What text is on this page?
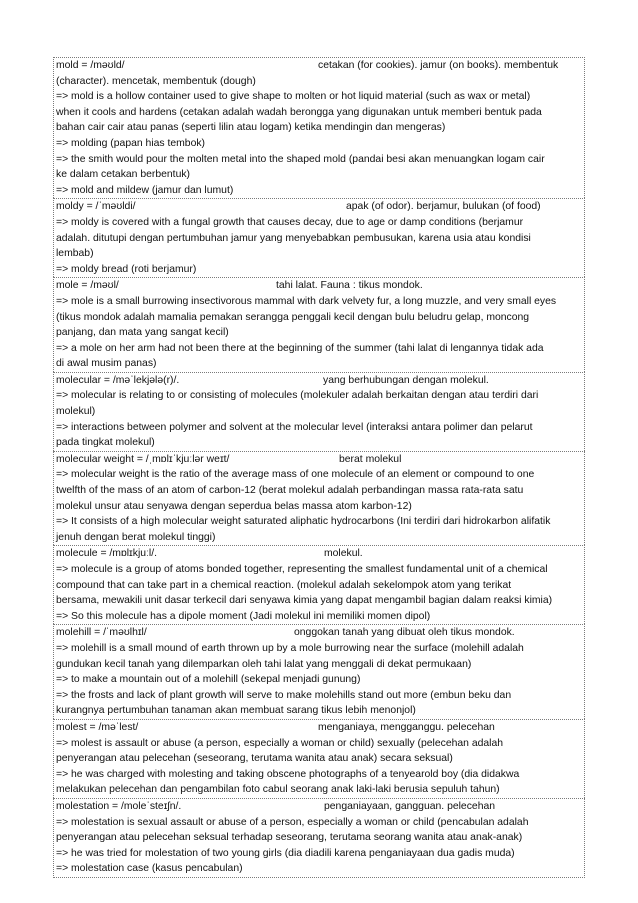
mold = /məʊld/	cetakan (for cookies). jamur (on books). membentuk
(character). mencetak, membentuk (dough)
=> mold is a hollow container used to give shape to molten or hot liquid material (such as wax or metal)
when it cools and hardens (cetakan adalah wadah berongga yang digunakan untuk memberi bentuk pada
bahan cair cair atau panas (seperti lilin atau logam) ketika mendingin dan mengeras)
=> molding (papan hias tembok)
=> the smith would pour the molten metal into the shaped mold (pandai besi akan menuangkan logam cair
ke dalam cetakan berbentuk)
=> mold and mildew (jamur dan lumut)
moldy = /ˈməʊldi/	apak (of odor). berjamur, bulukan (of food)
=> moldy is covered with a fungal growth that causes decay, due to age or damp conditions (berjamur
adalah. ditutupi dengan pertumbuhan jamur yang menyebabkan pembusukan, karena usia atau kondisi
lembab)
=> moldy bread (roti berjamur)
mole = /məʊl/	tahi lalat. Fauna : tikus mondok.
=> mole is a small burrowing insectivorous mammal with dark velvety fur, a long muzzle, and very small eyes
(tikus mondok adalah mamalia pemakan serangga penggali kecil dengan bulu beludru gelap, moncong
panjang, dan mata yang sangat kecil)
=> a mole on her arm had not been there at the beginning of the summer (tahi lalat di lengannya tidak ada
di awal musim panas)
molecular = /məˈlekjələ(r)/.	yang berhubungan dengan molekul.
=> molecular is relating to or consisting of molecules (molekuler adalah berkaitan dengan atau terdiri dari
molekul)
=> interactions between polymer and solvent at the molecular level (interaksi antara polimer dan pelarut
pada tingkat molekul)
molecular weight = /ˌmɒlɪˈkjuːlər weɪt/	berat molekul
=> molecular weight is the ratio of the average mass of one molecule of an element or compound to one
twelfth of the mass of an atom of carbon-12 (berat molekul adalah perbandingan massa rata-rata satu
molekul unsur atau senyawa dengan seperdua belas massa atom karbon-12)
=> It consists of a high molecular weight saturated aliphatic hydrocarbons (Ini terdiri dari hidrokarbon alifatik
jenuh dengan berat molekul tinggi)
molecule = /mɒlɪkjuːl/.	molekul.
=> molecule is a group of atoms bonded together, representing the smallest fundamental unit of a chemical
compound that can take part in a chemical reaction. (molekul adalah sekelompok atom yang terikat
bersama, mewakili unit dasar terkecil dari senyawa kimia yang dapat mengambil bagian dalam reaksi kimia)
=> So this molecule has a dipole moment (Jadi molekul ini memiliki momen dipol)
molehill = /ˈməʊlhɪl/	onggokan tanah yang dibuat oleh tikus mondok.
=> molehill is a small mound of earth thrown up by a mole burrowing near the surface (molehill adalah
gundukan kecil tanah yang dilemparkan oleh tahi lalat yang menggali di dekat permukaan)
=> to make a mountain out of a molehill (sekepal menjadi gunung)
=> the frosts and lack of plant growth will serve to make molehills stand out more (embun beku dan
kurangnya pertumbuhan tanaman akan membuat sarang tikus lebih menonjol)
molest = /məˈlest/	menganiaya, mengganggu. pelecehan
=> molest is assault or abuse (a person, especially a woman or child) sexually (pelecehan adalah
penyerangan atau pelecehan (seseorang, terutama wanita atau anak) secara seksual)
=> he was charged with molesting and taking obscene photographs of a tenyearold boy (dia didakwa
melakukan pelecehan dan pengambilan foto cabul seorang anak laki-laki berusia sepuluh tahun)
molestation = /moleˈsteɪʃn/.	penganiayaan, gangguan. pelecehan
=> molestation is sexual assault or abuse of a person, especially a woman or child (pencabulan adalah
penyerangan atau pelecehan seksual terhadap seseorang, terutama seorang wanita atau anak-anak)
=> he was tried for molestation of two young girls (dia diadili karena penganiayaan dua gadis muda)
=> molestation case (kasus pencabulan)
